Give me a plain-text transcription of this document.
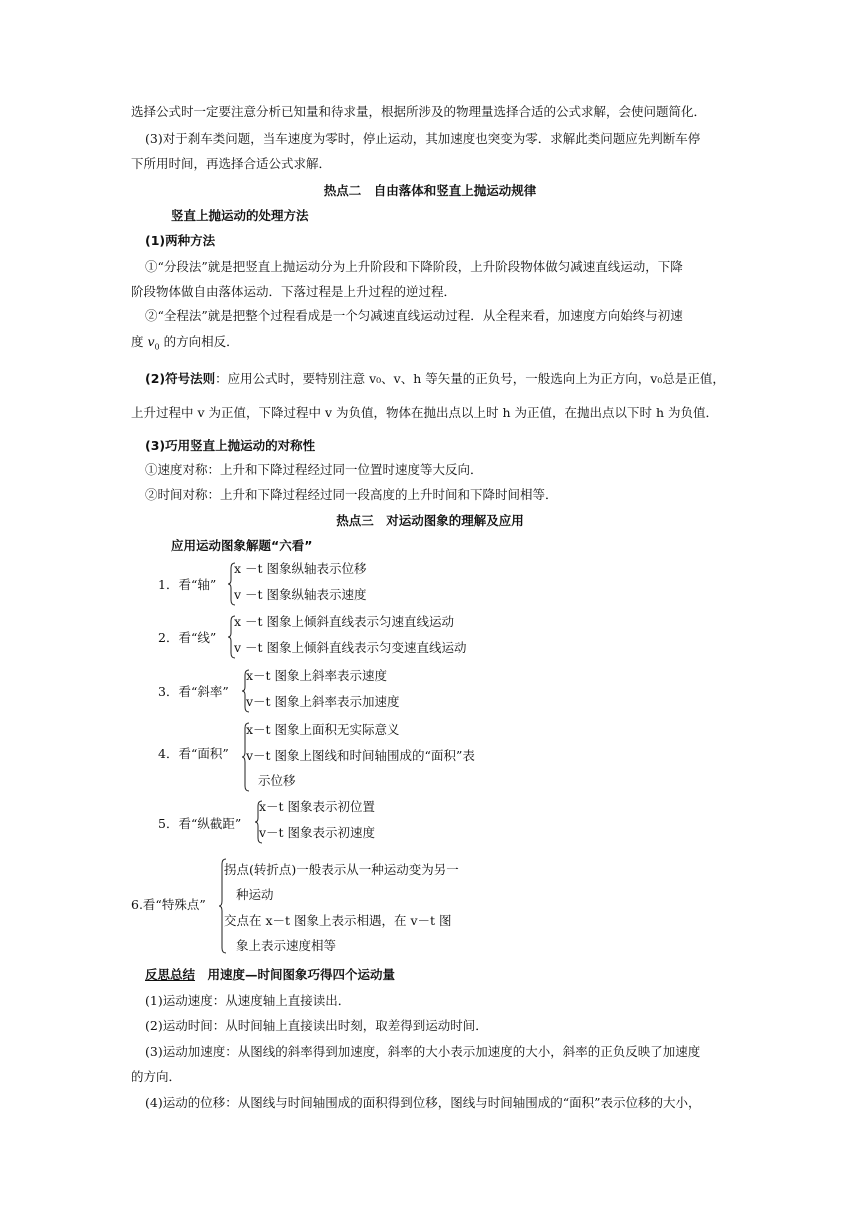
选择公式时一定要注意分析已知量和待求量，根据所涉及的物理量选择合适的公式求解，会使问题简化．
(3)对于刹车类问题，当车速度为零时，停止运动，其加速度也突变为零．求解此类问题应先判断车停
下所用时间，再选择合适公式求解．
热点二　自由落体和竖直上抛运动规律
竖直上抛运动的处理方法
(1)两种方法
①“分段法”就是把竖直上抛运动分为上升阶段和下降阶段，上升阶段物体做匀减速直线运动，下降
阶段物体做自由落体运动．下落过程是上升过程的逆过程．
②“全程法”就是把整个过程看成是一个匀减速直线运动过程．从全程来看，加速度方向始终与初速
度 $v_0$ 的方向相反．
(2)符号法则：应用公式时，要特别注意 v₀、v、h 等矢量的正负号，一般选向上为正方向，v₀总是正值，
上升过程中 v 为正值，下降过程中 v 为负值，物体在抛出点以上时 h 为正值，在抛出点以下时 h 为负值．
(3)巧用竖直上抛运动的对称性
①速度对称：上升和下降过程经过同一位置时速度等大反向．
②时间对称：上升和下降过程经过同一段高度的上升时间和下降时间相等．
热点三　对运动图象的理解及应用
应用运动图象解题“六看”
1．看“轴”
x －t 图象纵轴表示位移
v －t 图象纵轴表示速度
2．看“线”
x －t 图象上倾斜直线表示匀速直线运动
v －t 图象上倾斜直线表示匀变速直线运动
3．看“斜率”
x－t 图象上斜率表示速度
v－t 图象上斜率表示加速度
4．看“面积”
x－t 图象上面积无实际意义
v－t 图象上图线和时间轴围成的“面积”表
示位移
5．看“纵截距”
x－t 图象表示初位置
v－t 图象表示初速度
6.看“特殊点”
拐点(转折点)一般表示从一种运动变为另一
种运动
交点在 x－t 图象上表示相遇，在 v－t 图
象上表示速度相等
反思总结　用速度—时间图象巧得四个运动量
(1)运动速度：从速度轴上直接读出．
(2)运动时间：从时间轴上直接读出时刻，取差得到运动时间．
(3)运动加速度：从图线的斜率得到加速度，斜率的大小表示加速度的大小，斜率的正负反映了加速度
的方向．
(4)运动的位移：从图线与时间轴围成的面积得到位移，图线与时间轴围成的“面积”表示位移的大小，
